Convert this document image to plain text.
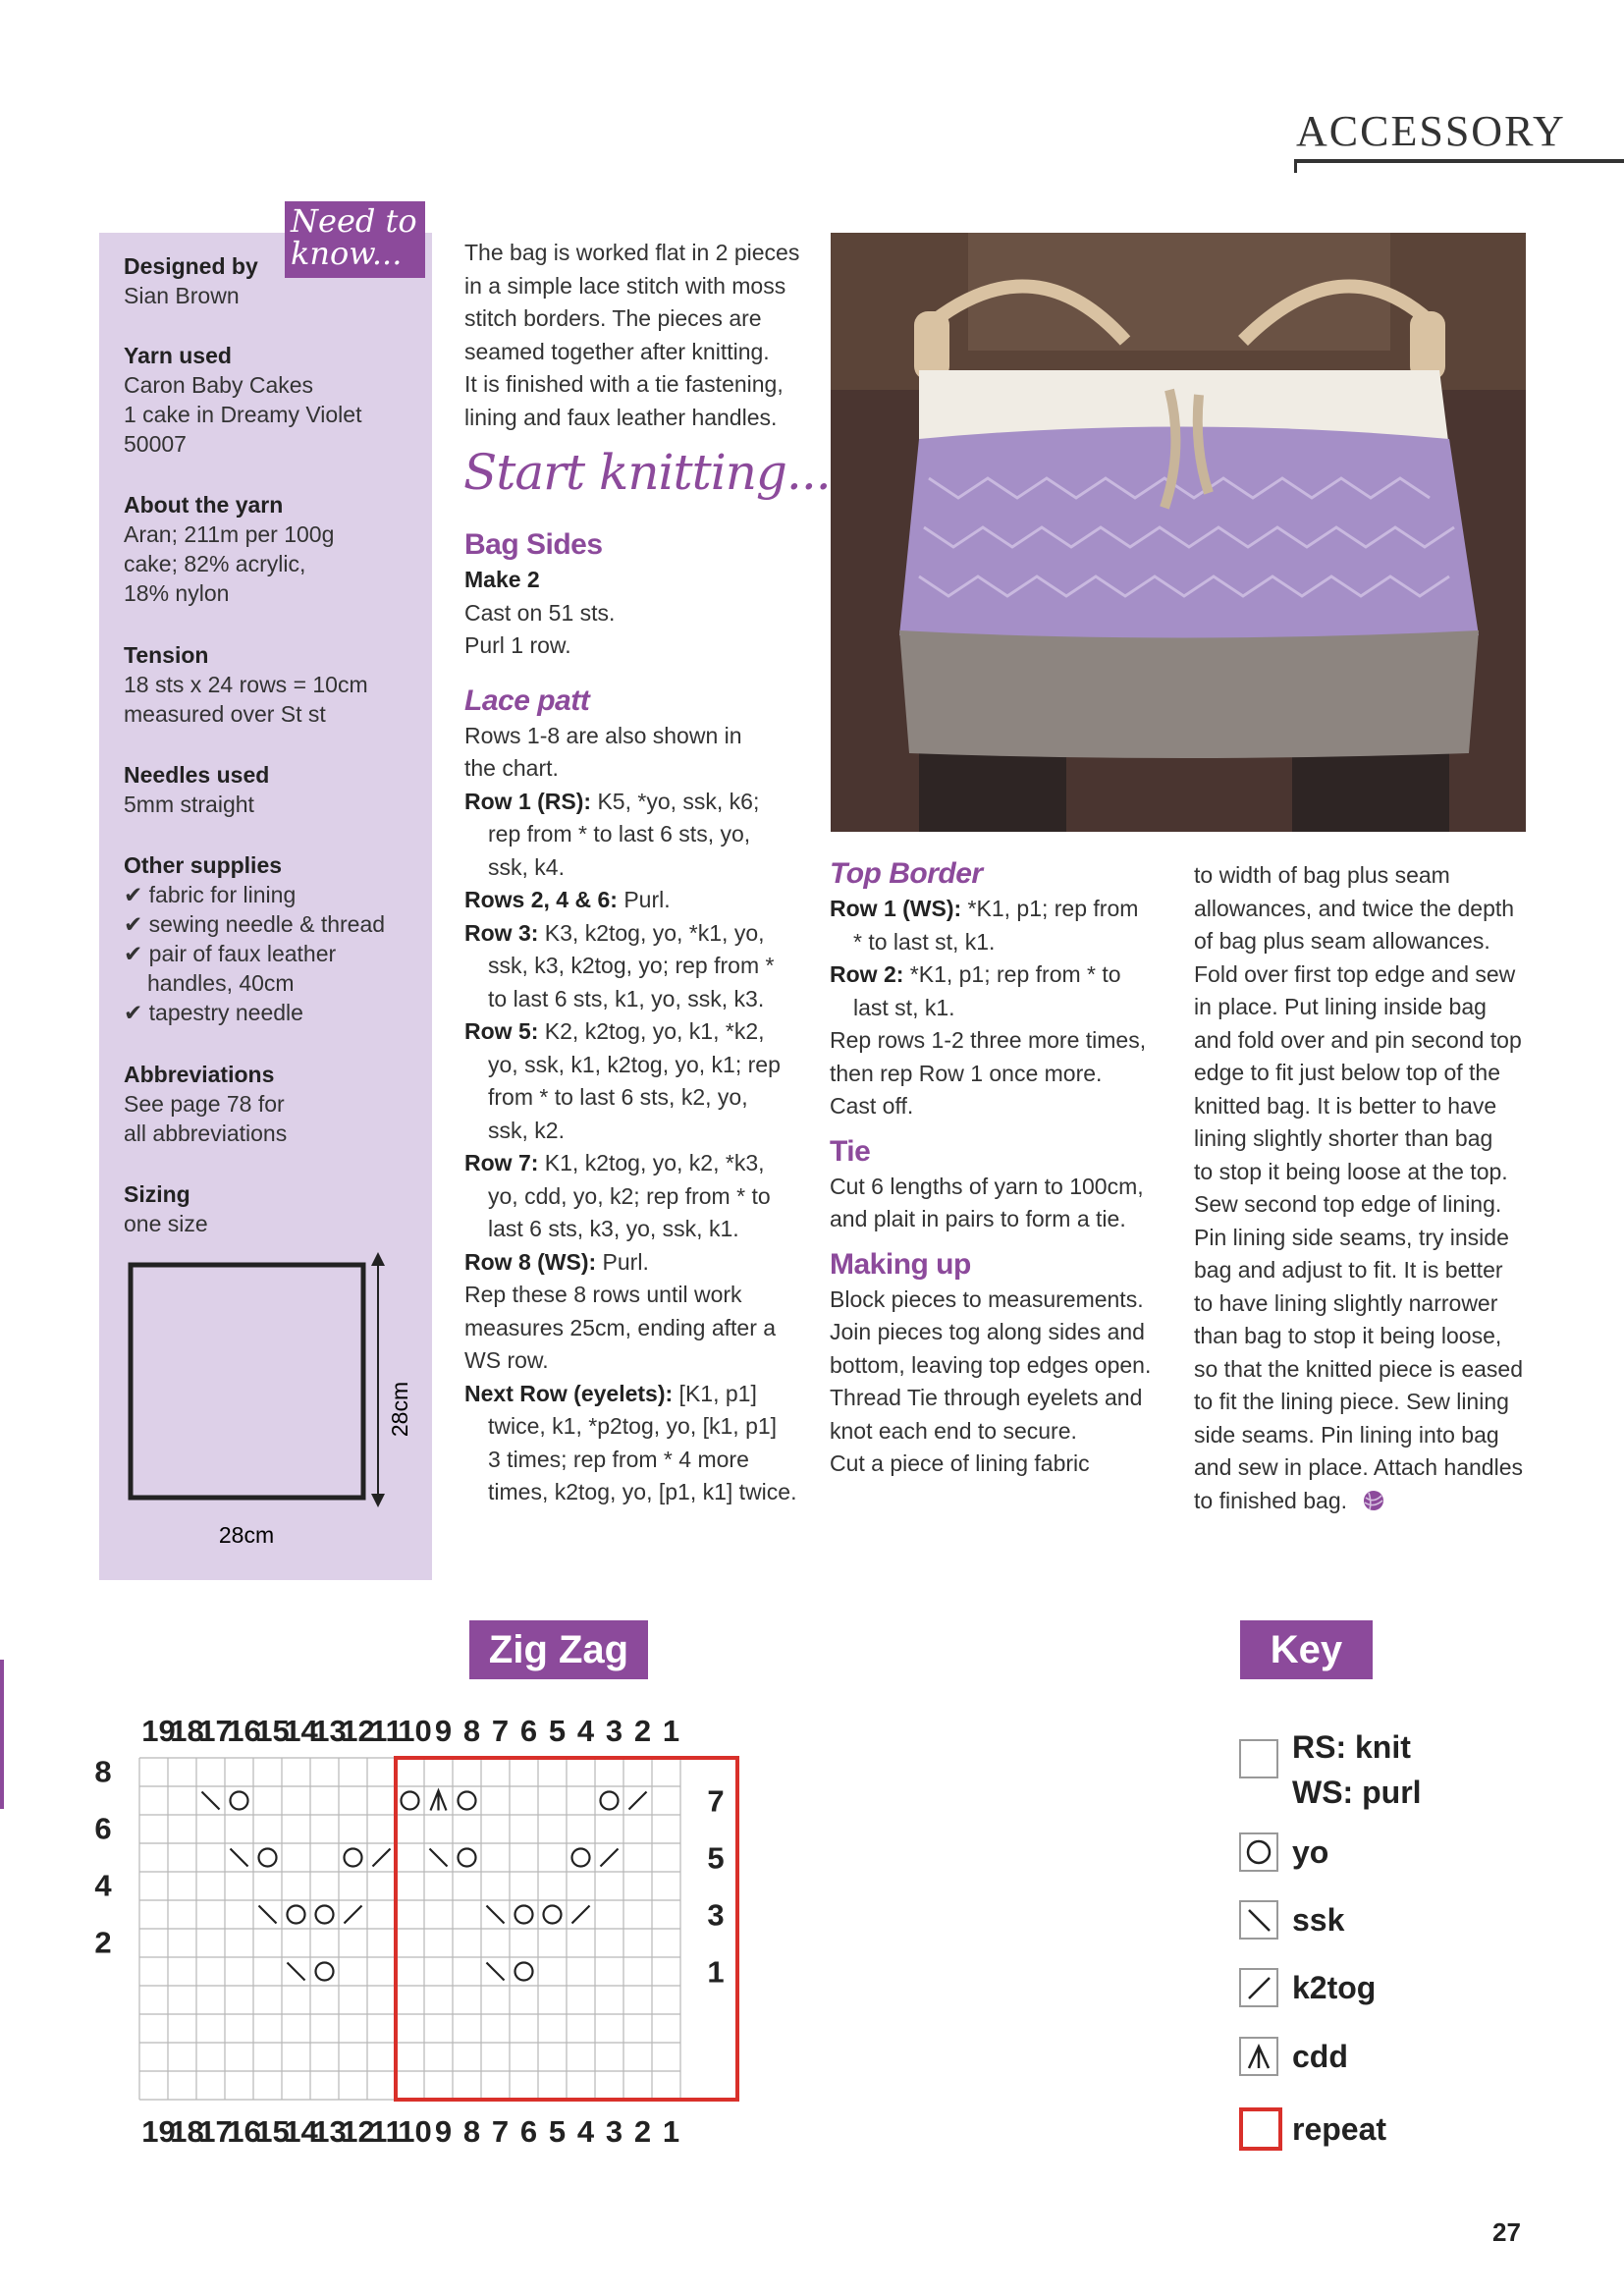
ACCESSORY
Need to
know...
Designed by
Sian Brown
Yarn used
Caron Baby Cakes
1 cake in Dreamy Violet
50007
About the yarn
Aran; 211m per 100g
cake; 82% acrylic,
18% nylon
Tension
18 sts x 24 rows = 10cm
measured over St st
Needles used
5mm straight
Other supplies
✔ fabric for lining
✔ sewing needle & thread
✔ pair of faux leather
handles, 40cm
✔ tapestry needle
Abbreviations
See page 78 for
all abbreviations
Sizing
one size
28cm
28cm

The bag is worked flat in 2 pieces

in a simple lace stitch with moss

stitch borders. The pieces are

seamed together after knitting.

It is finished with a tie fastening,

lining and faux leather handles.

Start knitting...

Bag Sides

Make 2

Cast on 51 sts.

Purl 1 row.

Lace patt

Rows 1-8 are also shown in

the chart.

Row 1 (RS): K5, *yo, ssk, k6;

rep from * to last 6 sts, yo,

ssk, k4.

Rows 2, 4 & 6: Purl.

Row 3: K3, k2tog, yo, *k1, yo,

ssk, k3, k2tog, yo; rep from *

to last 6 sts, k1, yo, ssk, k3.

Row 5: K2, k2tog, yo, k1, *k2,

yo, ssk, k1, k2tog, yo, k1; rep

from * to last 6 sts, k2, yo,

ssk, k2.

Row 7: K1, k2tog, yo, k2, *k3,

yo, cdd, yo, k2; rep from * to

last 6 sts, k3, yo, ssk, k1.

Row 8 (WS): Purl.

Rep these 8 rows until work

measures 25cm, ending after a

WS row.

Next Row (eyelets): [K1, p1]

twice, k1, *p2tog, yo, [k1, p1]

3 times; rep from * 4 more

times, k2tog, yo, [p1, k1] twice.

Top Border

Row 1 (WS): *K1, p1; rep from

* to last st, k1.

Row 2: *K1, p1; rep from * to

last st, k1.

Rep rows 1-2 three more times,

then rep Row 1 once more.

Cast off.

Tie

Cut 6 lengths of yarn to 100cm,

and plait in pairs to form a tie.

Making up

Block pieces to measurements.

Join pieces tog along sides and

bottom, leaving top edges open.

Thread Tie through eyelets and

knot each end to secure.

Cut a piece of lining fabric

to width of bag plus seam

allowances, and twice the depth

of bag plus seam allowances.

Fold over first top edge and sew

in place. Put lining inside bag

and fold over and pin second top

edge to fit just below top of the

knitted bag. It is better to have

lining slightly shorter than bag

to stop it being loose at the top.

Sew second top edge of lining.

Pin lining side seams, try inside

bag and adjust to fit. It is better

to have lining slightly narrower

than bag to stop it being loose,

so that the knitted piece is eased

to fit the lining piece. Sew lining

side seams. Pin lining into bag

and sew in place. Attach handles

to finished bag.

Zig Zag	Key
19
19
18
18
17
17
16
16
15
15
14
14
13
13
12
12
11
11
10
10
9
9
8
8
7
7
6
6
5
5
4
4
3
3
2
2
1
1
7
5
3
1
8
6
4
2
RS: knit
WS: purl
yo
ssk
k2tog
cdd
repeat
27
